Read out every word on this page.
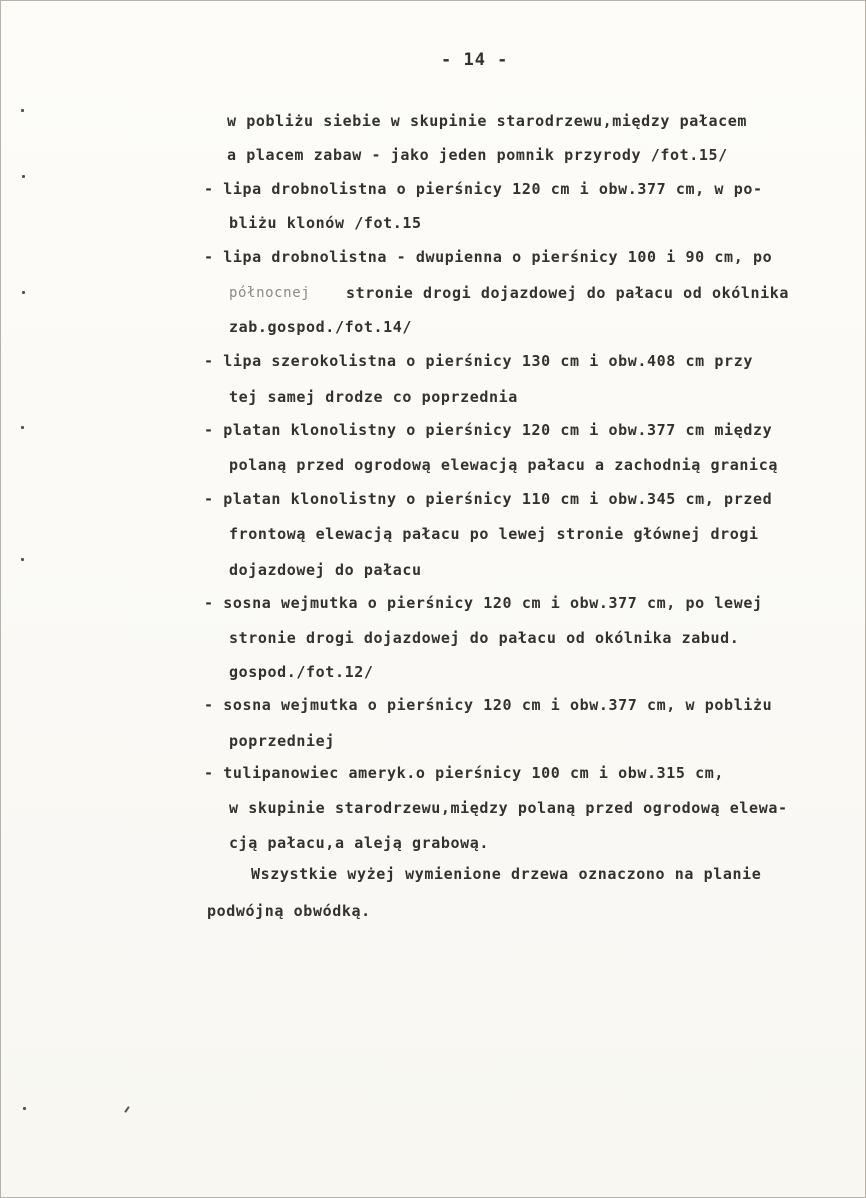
- 14 -
w pobliżu siebie w skupinie starodrzewu,między pałacem
a placem zabaw - jako jeden pomnik przyrody /fot.15/
- lipa drobnolistna o pierśnicy 120 cm i obw.377 cm, w po-
bliżu klonów /fot.15
- lipa drobnolistna - dwupienna o pierśnicy 100 i 90 cm, po
północnej stronie drogi dojazdowej do pałacu od okólnika
zab.gospod./fot.14/
- lipa szerokolistna o pierśnicy 130 cm i obw.408 cm przy
tej samej drodze co poprzednia
- platan klonolistny o pierśnicy 120 cm i obw.377 cm między
polaną przed ogrodową elewacją pałacu a zachodnią granicą
- platan klonolistny o pierśnicy 110 cm i obw.345 cm, przed
frontową elewacją pałacu po lewej stronie głównej drogi
dojazdowej do pałacu
- sosna wejmutka o pierśnicy 120 cm i obw.377 cm, po lewej
stronie drogi dojazdowej do pałacu od okólnika zabud.
gospod./fot.12/
- sosna wejmutka o pierśnicy 120 cm i obw.377 cm, w pobliżu
poprzedniej
- tulipanowiec ameryk.o pierśnicy 100 cm i obw.315 cm,
w skupinie starodrzewu,między polaną przed ogrodową elewa-
cją pałacu,a aleją grabową.
Wszystkie wyżej wymienione drzewa oznaczono na planie
podwójną obwódką.
